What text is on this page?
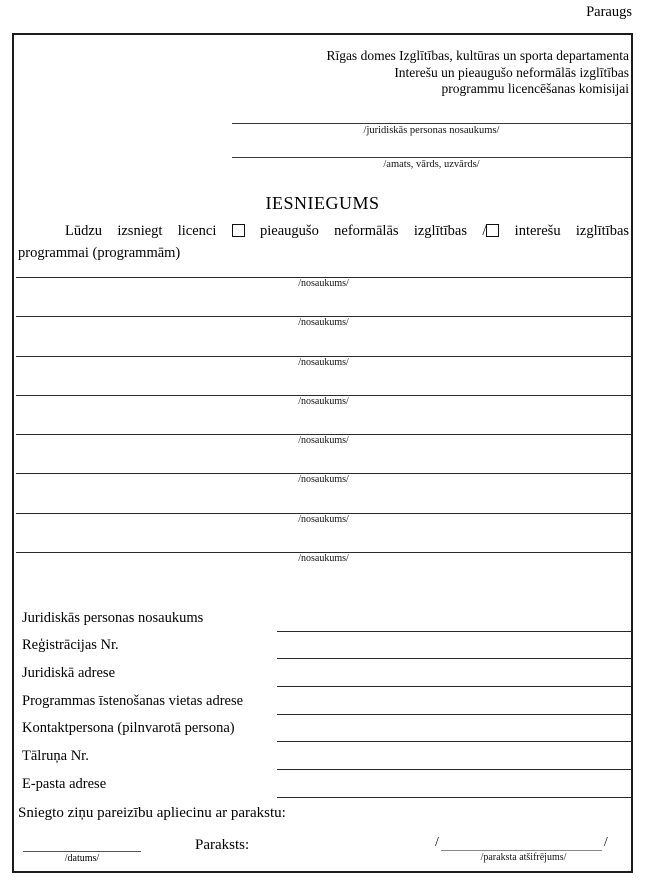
Paraugs
Rīgas domes Izglītības, kultūras un sporta departamenta
Interešu un pieaugušo neformālās izglītības
programmu licencēšanas komisijai
/juridiskās personas nosaukums/
/amats, vārds, uzvārds/
IESNIEGUMS
Lūdzu izsniegt licenci	pieaugušo neformālās izglītības / interešu izglītības
programmai (programmām)
/nosaukums/
/nosaukums/
/nosaukums/
/nosaukums/
/nosaukums/
/nosaukums/
/nosaukums/
/nosaukums/
Juridiskās personas nosaukums
Reģistrācijas Nr.
Juridiskā adrese
Programmas īstenošanas vietas adrese
Kontaktpersona (pilnvarotā persona)
Tālruņa Nr.
E-pasta adrese
Sniegto ziņu pareizību apliecinu ar parakstu:
/datums/
Paraksts:	/	/
/paraksta atšifrējums/
